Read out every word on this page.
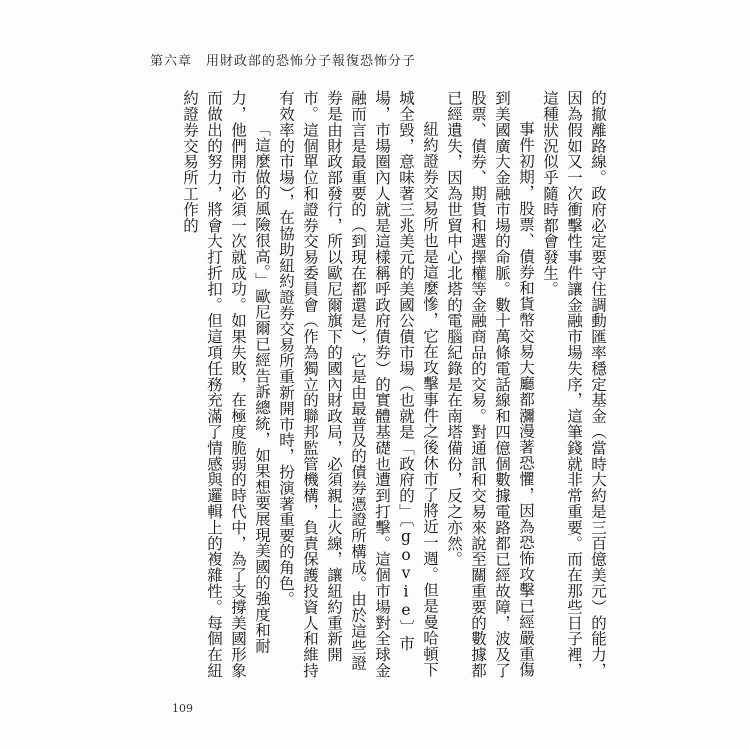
第六章　用財政部的恐怖分子報復恐怖分子

的撤離路線。政府必定要守住調動匯率穩定基金（當時大約是三百億美元）的能力，因為假如又一次衝擊性事件讓金融市場失序，這筆錢就非常重要。而在那些日子裡，這種狀況似乎隨時都會發生。

事件初期，股票、債券和貨幣交易大廳都瀰漫著恐懼，因為恐怖攻擊已經嚴重傷到美國廣大金融市場的命脈。數十萬條電話線和四億個數據電路都已經故障，波及了股票、債券、期貨和選擇權等金融商品的交易。對通訊和交易來說至關重要的數據都已經遺失，因為世貿中心北塔的電腦紀錄是在南塔備份，反之亦然。

紐約證券交易所也是這麼慘，它在攻擊事件之後休市了將近一週。但是曼哈頓下城全毀，意味著三兆美元的美國公債市場（也就是「政府的」〔govie〕市場，市場圈內人就是這樣稱呼政府債券）的實體基礎也遭到打擊。這個市場對全球金融而言是最重要的（到現在都還是），它是由最普及的債券憑證所構成。由於這些證券是由財政部發行，所以歐尼爾旗下的國內財政局，必須親上火線，讓紐約重新開市。這個單位和證券交易委員會（作為獨立的聯邦監管機構，負責保護投資人和維持有效率的市場），在協助紐約證券交易所重新開市時，扮演著重要的角色。

「這麼做的風險很高。」歐尼爾已經告訴總統，如果想要展現美國的強度和耐力，他們開市必須一次就成功。如果失敗，在極度脆弱的時代中，為了支撐美國形象而做出的努力，將會大打折扣。但這項任務充滿了情感與邏輯上的複雜性。每個在紐約證券交易所工作的

109
